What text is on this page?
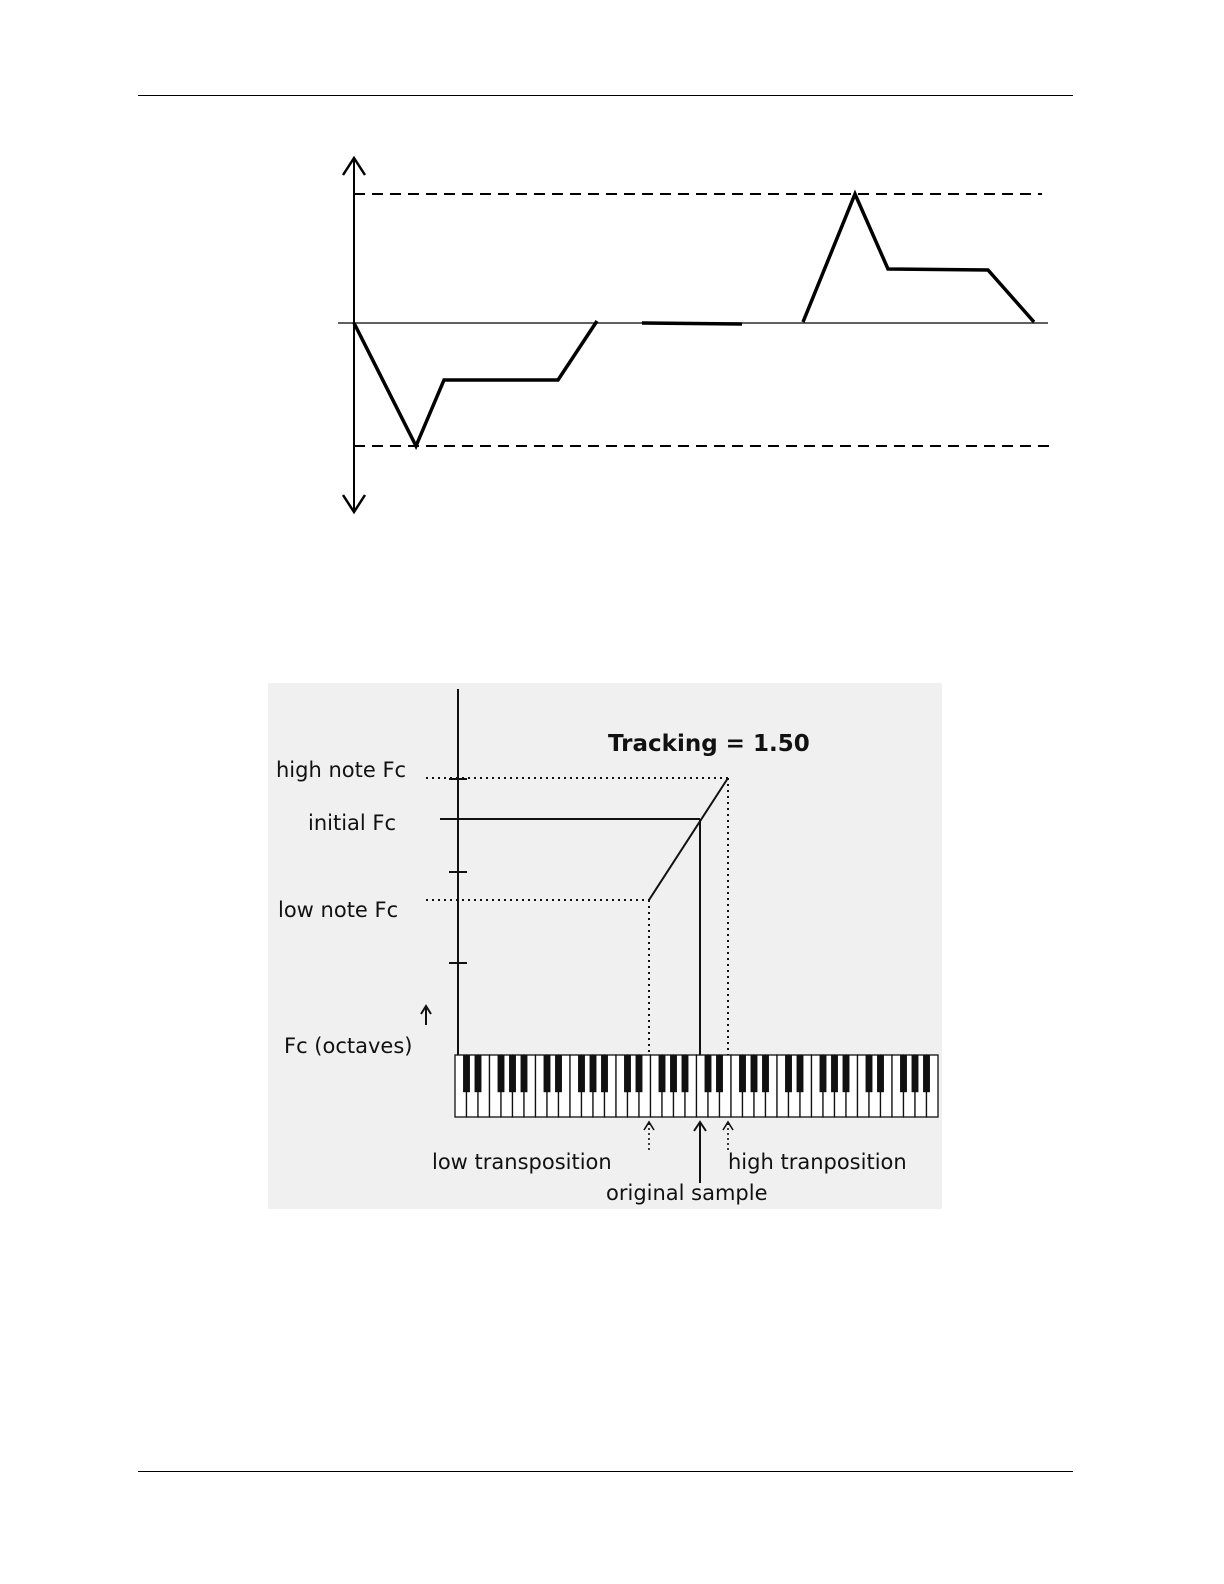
Tracking = 1.50
high note Fc
initial Fc
low note Fc
Fc (octaves)
low transposition
original sample
high tranposition
